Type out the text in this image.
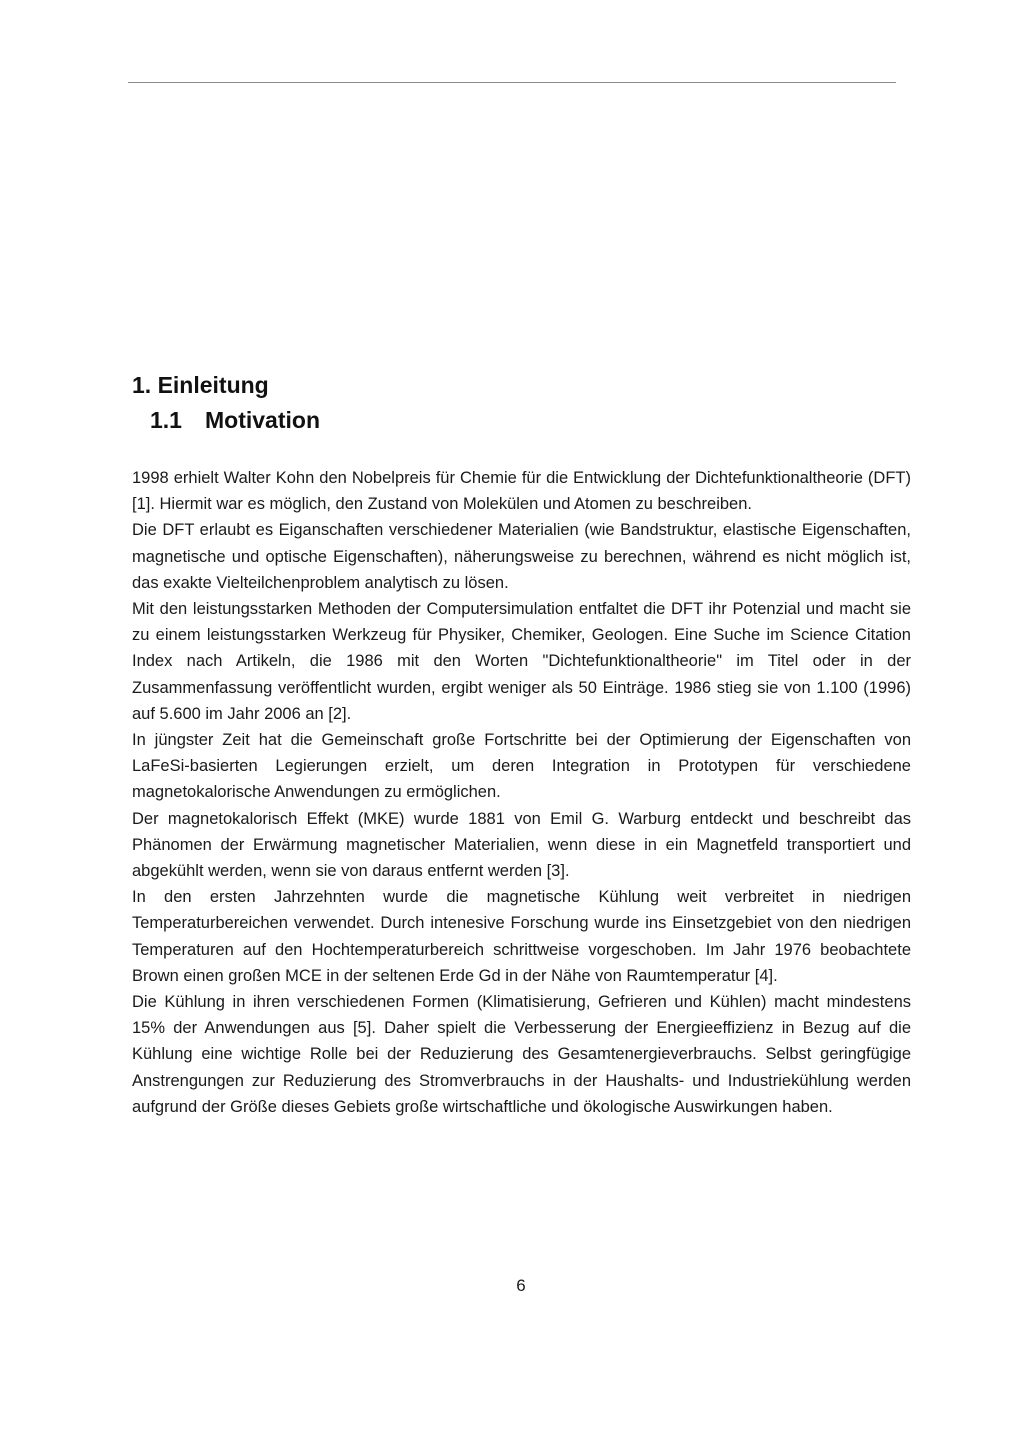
1. Einleitung
1.1 Motivation

1998 erhielt Walter Kohn den Nobelpreis für Chemie für die Entwicklung der Dichtefunktionaltheorie (DFT) [1]. Hiermit war es möglich, den Zustand von Molekülen und Atomen zu beschreiben.

Die DFT erlaubt es Eiganschaften verschiedener Materialien (wie Bandstruktur, elastische Eigenschaften, magnetische und optische Eigenschaften), näherungsweise zu berechnen, während es nicht möglich ist, das exakte Vielteilchenproblem analytisch zu lösen.

Mit den leistungsstarken Methoden der Computersimulation entfaltet die DFT ihr Potenzial und macht sie zu einem leistungsstarken Werkzeug für Physiker, Chemiker, Geologen. Eine Suche im Science Citation Index nach Artikeln, die 1986 mit den Worten "Dichtefunktionaltheorie" im Titel oder in der Zusammenfassung veröffentlicht wurden, ergibt weniger als 50 Einträge. 1986 stieg sie von 1.100 (1996) auf 5.600 im Jahr 2006 an [2].

In jüngster Zeit hat die Gemeinschaft große Fortschritte bei der Optimierung der Eigenschaften von LaFeSi-basierten Legierungen erzielt, um deren Integration in Prototypen für verschiedene magnetokalorische Anwendungen zu ermöglichen.

Der magnetokalorisch Effekt (MKE) wurde 1881 von Emil G. Warburg entdeckt und beschreibt das Phänomen der Erwärmung magnetischer Materialien, wenn diese in ein Magnetfeld transportiert und abgekühlt werden, wenn sie von daraus entfernt werden [3].

In den ersten Jahrzehnten wurde die magnetische Kühlung weit verbreitet in niedrigen Temperaturbereichen verwendet. Durch intenesive Forschung wurde ins Einsetzgebiet von den niedrigen Temperaturen auf den Hochtemperaturbereich schrittweise vorgeschoben. Im Jahr 1976 beobachtete Brown einen großen MCE in der seltenen Erde Gd in der Nähe von Raumtemperatur [4].

Die Kühlung in ihren verschiedenen Formen (Klimatisierung, Gefrieren und Kühlen) macht mindestens 15% der Anwendungen aus [5]. Daher spielt die Verbesserung der Energieeffizienz in Bezug auf die Kühlung eine wichtige Rolle bei der Reduzierung des Gesamtenergieverbrauchs. Selbst geringfügige Anstrengungen zur Reduzierung des Stromverbrauchs in der Haushalts- und Industriekühlung werden aufgrund der Größe dieses Gebiets große wirtschaftliche und ökologische Auswirkungen haben.

6
